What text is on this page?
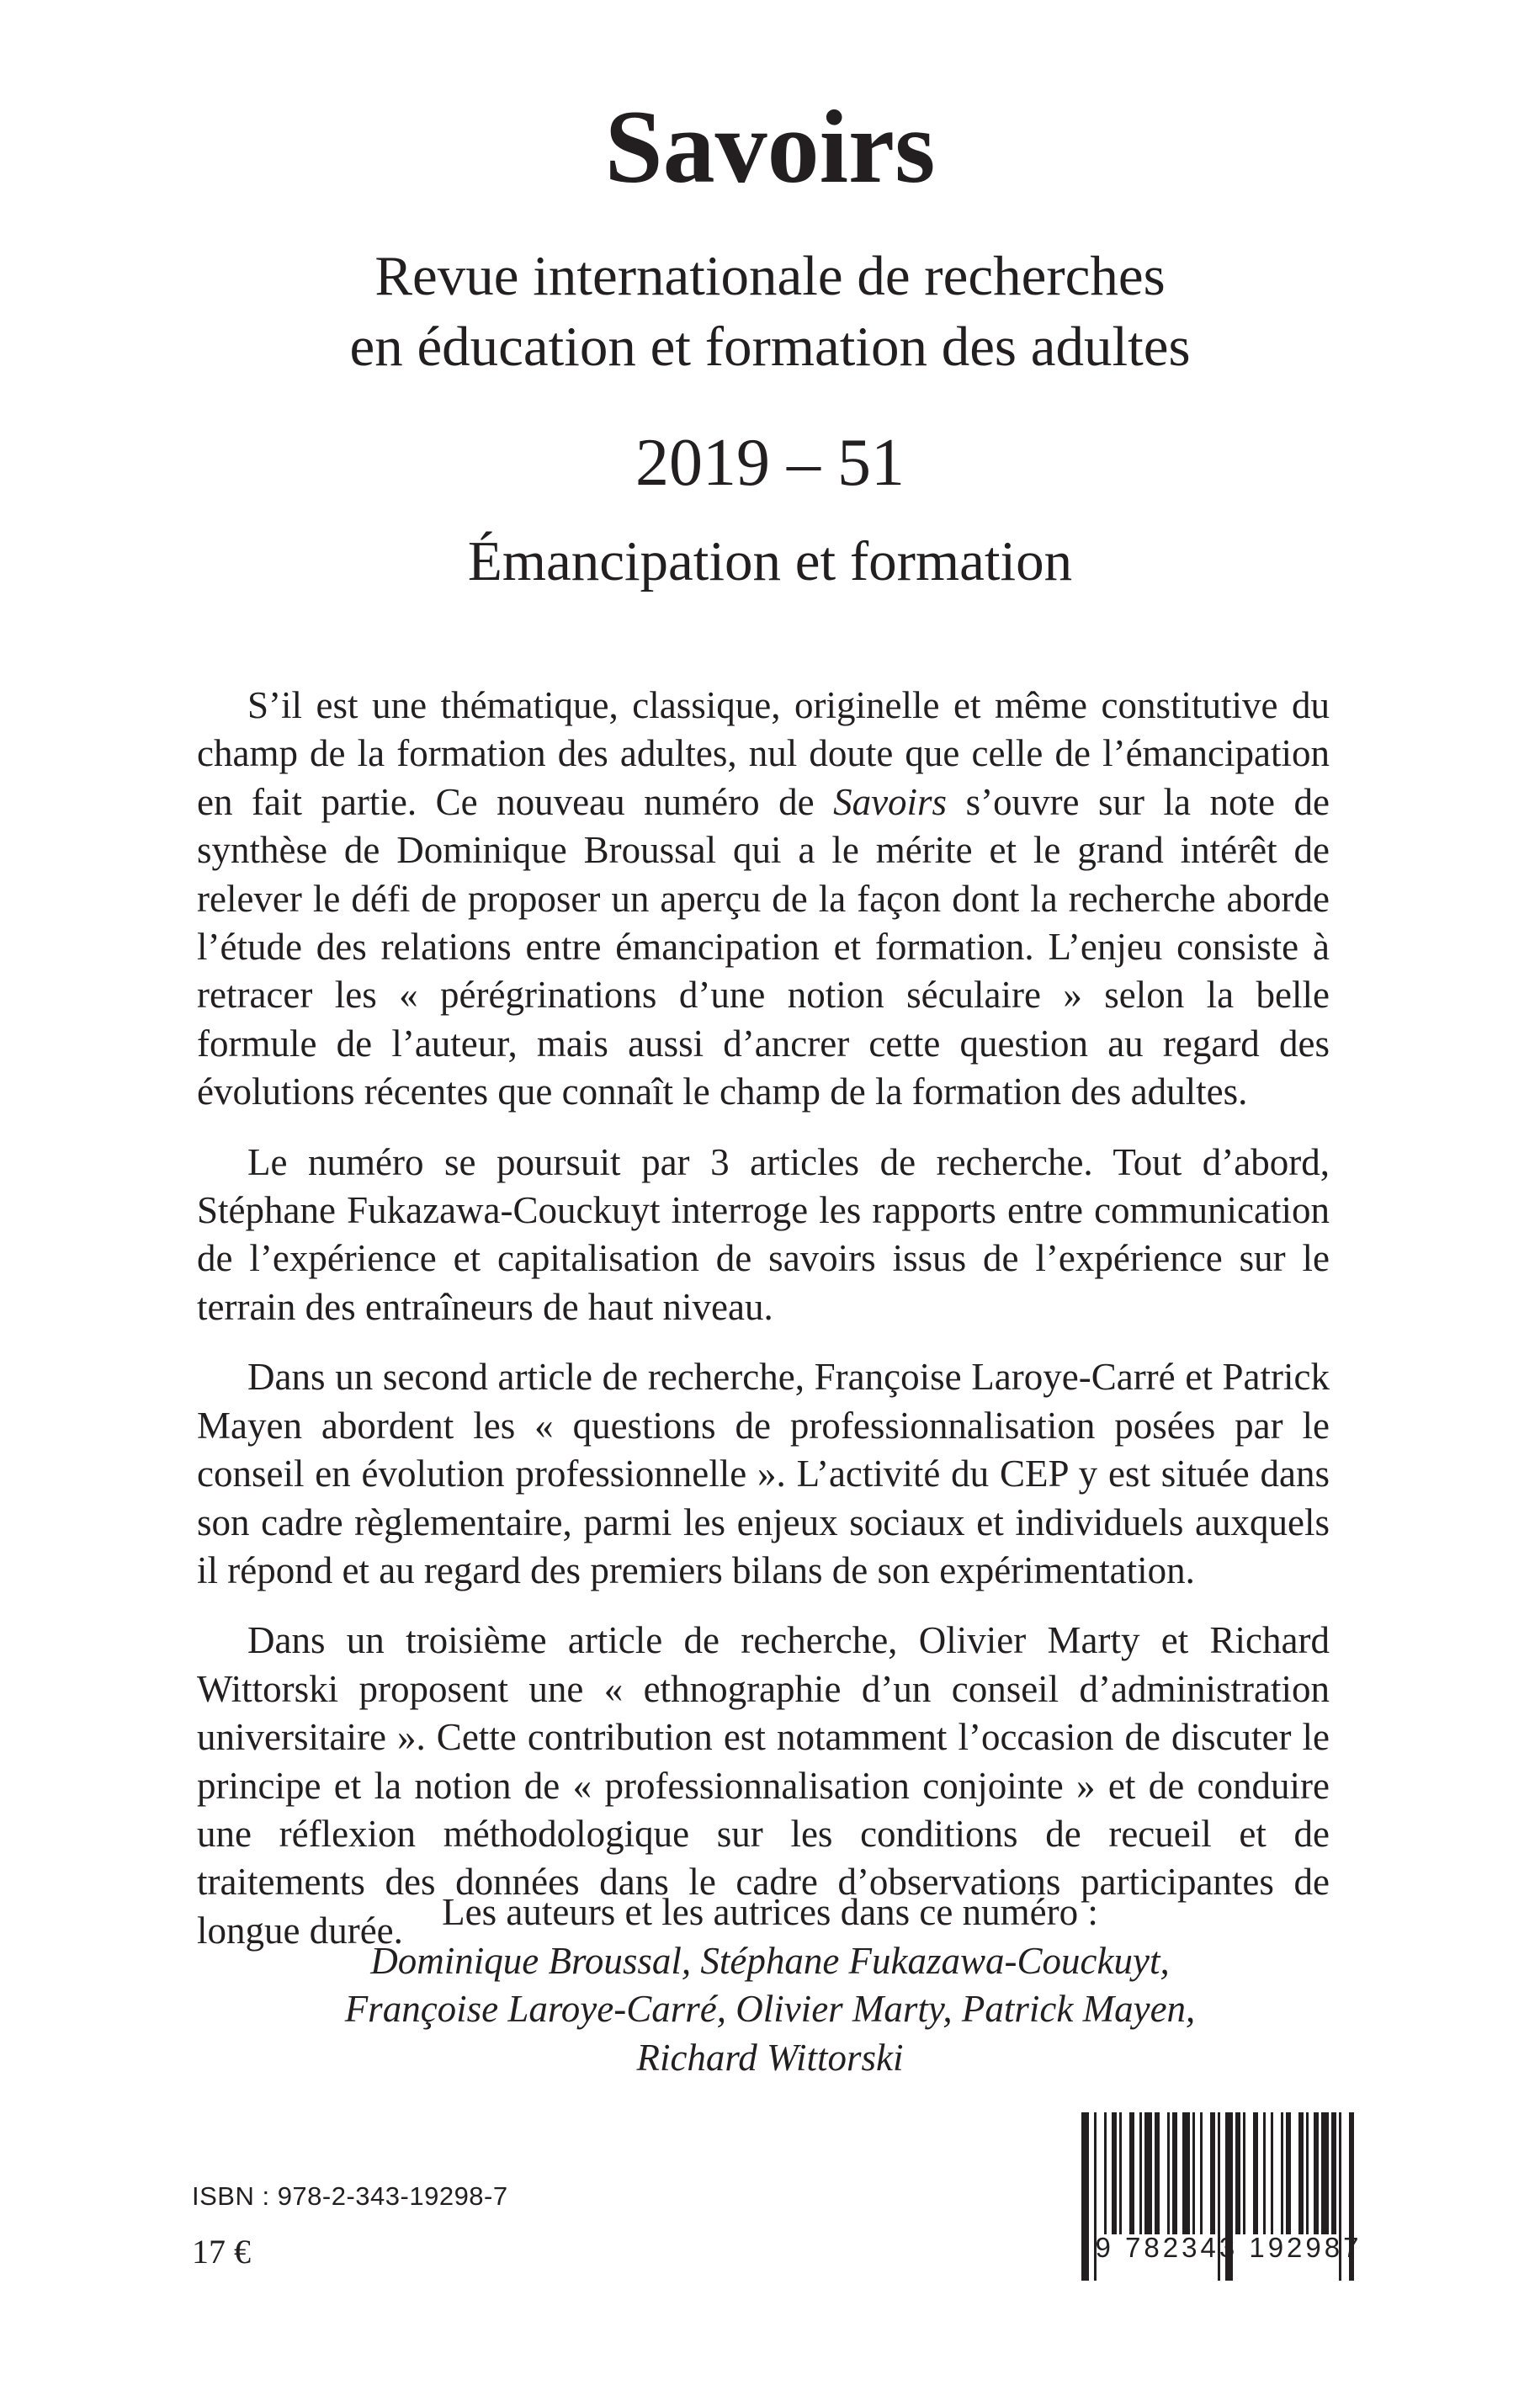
Savoirs
Revue internationale de recherches
en éducation et formation des adultes
2019 – 51
Émancipation et formation

S’il est une thématique, classique, originelle et même constitutive du champ de la formation des adultes, nul doute que celle de l’émancipation en fait partie. Ce nouveau numéro de Savoirs s’ouvre sur la note de synthèse de Dominique Broussal qui a le mérite et le grand intérêt de relever le défi de proposer un aperçu de la façon dont la recherche aborde l’étude des relations entre émancipation et formation. L’enjeu consiste à retracer les « pérégrinations d’une notion séculaire » selon la belle formule de l’auteur, mais aussi d’ancrer cette question au regard des évolutions récentes que connaît le champ de la formation des adultes.

Le numéro se poursuit par 3 articles de recherche. Tout d’abord, Stéphane Fukazawa-Couckuyt interroge les rapports entre communication de l’expérience et capitalisation de savoirs issus de l’expérience sur le terrain des entraîneurs de haut niveau.

Dans un second article de recherche, Françoise Laroye-Carré et Patrick Mayen abordent les « questions de professionnalisation posées par le conseil en évolution professionnelle ». L’activité du CEP y est située dans son cadre règlementaire, parmi les enjeux sociaux et individuels auxquels il répond et au regard des premiers bilans de son expérimentation.

Dans un troisième article de recherche, Olivier Marty et Richard Wittorski proposent une « ethnographie d’un conseil d’administration universitaire ». Cette contribution est notamment l’occasion de discuter le principe et la notion de « professionnalisation conjointe » et de conduire une réflexion méthodologique sur les conditions de recueil et de traitements des données dans le cadre d’observations participantes de longue durée.	Les auteurs et les autrices dans ce numéro :
Dominique Broussal, Stéphane Fukazawa-Couckuyt,
Françoise Laroye-Carré, Olivier Marty, Patrick Mayen,
Richard Wittorski
ISBN : 978-2-343-19298-7
17 €	9 782343 192987
